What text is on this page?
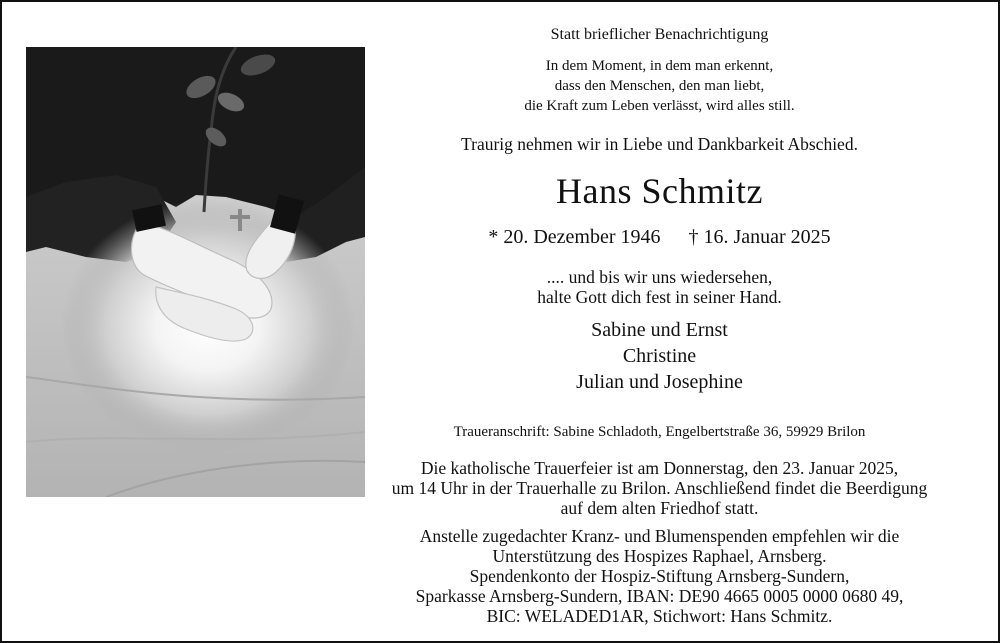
Statt brieflicher Benachrichtigung
In dem Moment, in dem man erkennt,
dass den Menschen, den man liebt,
die Kraft zum Leben verlässt, wird alles still.
Traurig nehmen wir in Liebe und Dankbarkeit Abschied.
Hans Schmitz
* 20. Dezember 1946 † 16. Januar 2025
.... und bis wir uns wiedersehen,
halte Gott dich fest in seiner Hand.
Sabine und Ernst
Christine
Julian und Josephine
Traueranschrift: Sabine Schladoth, Engelbertstraße 36, 59929 Brilon
Die katholische Trauerfeier ist am Donnerstag, den 23. Januar 2025,
um 14 Uhr in der Trauerhalle zu Brilon. Anschließend findet die Beerdigung
auf dem alten Friedhof statt.
Anstelle zugedachter Kranz- und Blumenspenden empfehlen wir die
Unterstützung des Hospizes Raphael, Arnsberg.
Spendenkonto der Hospiz-Stiftung Arnsberg-Sundern,
Sparkasse Arnsberg-Sundern, IBAN: DE90 4665 0005 0000 0680 49,
BIC: WELADED1AR, Stichwort: Hans Schmitz.
